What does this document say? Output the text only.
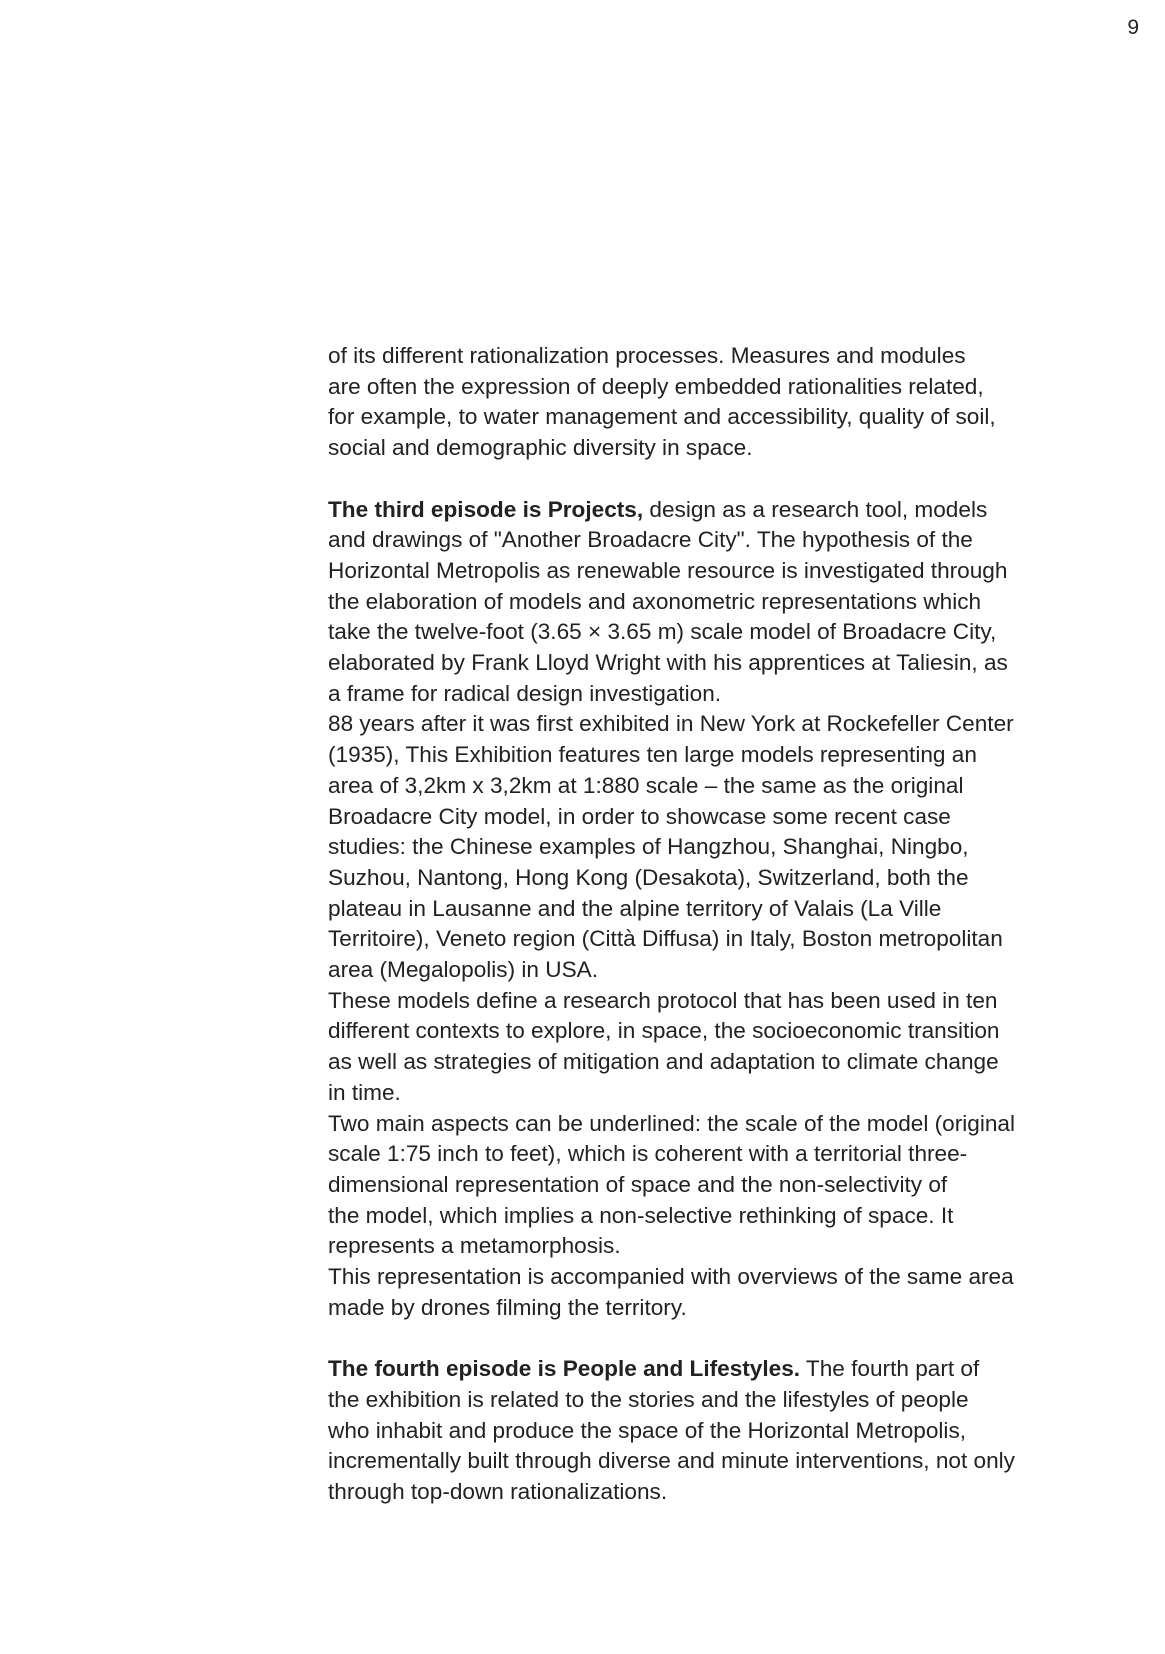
9
of its different rationalization processes. Measures and modules
are often the expression of deeply embedded rationalities related,
for example, to water management and accessibility, quality of soil,
social and demographic diversity in space.
The third episode is Projects, design as a research tool, models
and drawings of "Another Broadacre City". The hypothesis of the
Horizontal Metropolis as renewable resource is investigated through
the elaboration of models and axonometric representations which
take the twelve-foot (3.65 × 3.65 m) scale model of Broadacre City,
elaborated by Frank Lloyd Wright with his apprentices at Taliesin, as
a frame for radical design investigation.
88 years after it was first exhibited in New York at Rockefeller Center
(1935), This Exhibition features ten large models representing an
area of 3,2km x 3,2km at 1:880 scale – the same as the original
Broadacre City model, in order to showcase some recent case
studies: the Chinese examples of Hangzhou, Shanghai, Ningbo,
Suzhou, Nantong, Hong Kong (Desakota), Switzerland, both the
plateau in Lausanne and the alpine territory of Valais (La Ville
Territoire), Veneto region (Città Diffusa) in Italy, Boston metropolitan
area (Megalopolis) in USA.
These models define a research protocol that has been used in ten
different contexts to explore, in space, the socioeconomic transition
as well as strategies of mitigation and adaptation to climate change
in time.
Two main aspects can be underlined: the scale of the model (original
scale 1:75 inch to feet), which is coherent with a territorial three-
dimensional representation of space and the non-selectivity of
the model, which implies a non-selective rethinking of space. It
represents a metamorphosis.
This representation is accompanied with overviews of the same area
made by drones filming the territory.
The fourth episode is People and Lifestyles. The fourth part of
the exhibition is related to the stories and the lifestyles of people
who inhabit and produce the space of the Horizontal Metropolis,
incrementally built through diverse and minute interventions, not only
through top-down rationalizations.
